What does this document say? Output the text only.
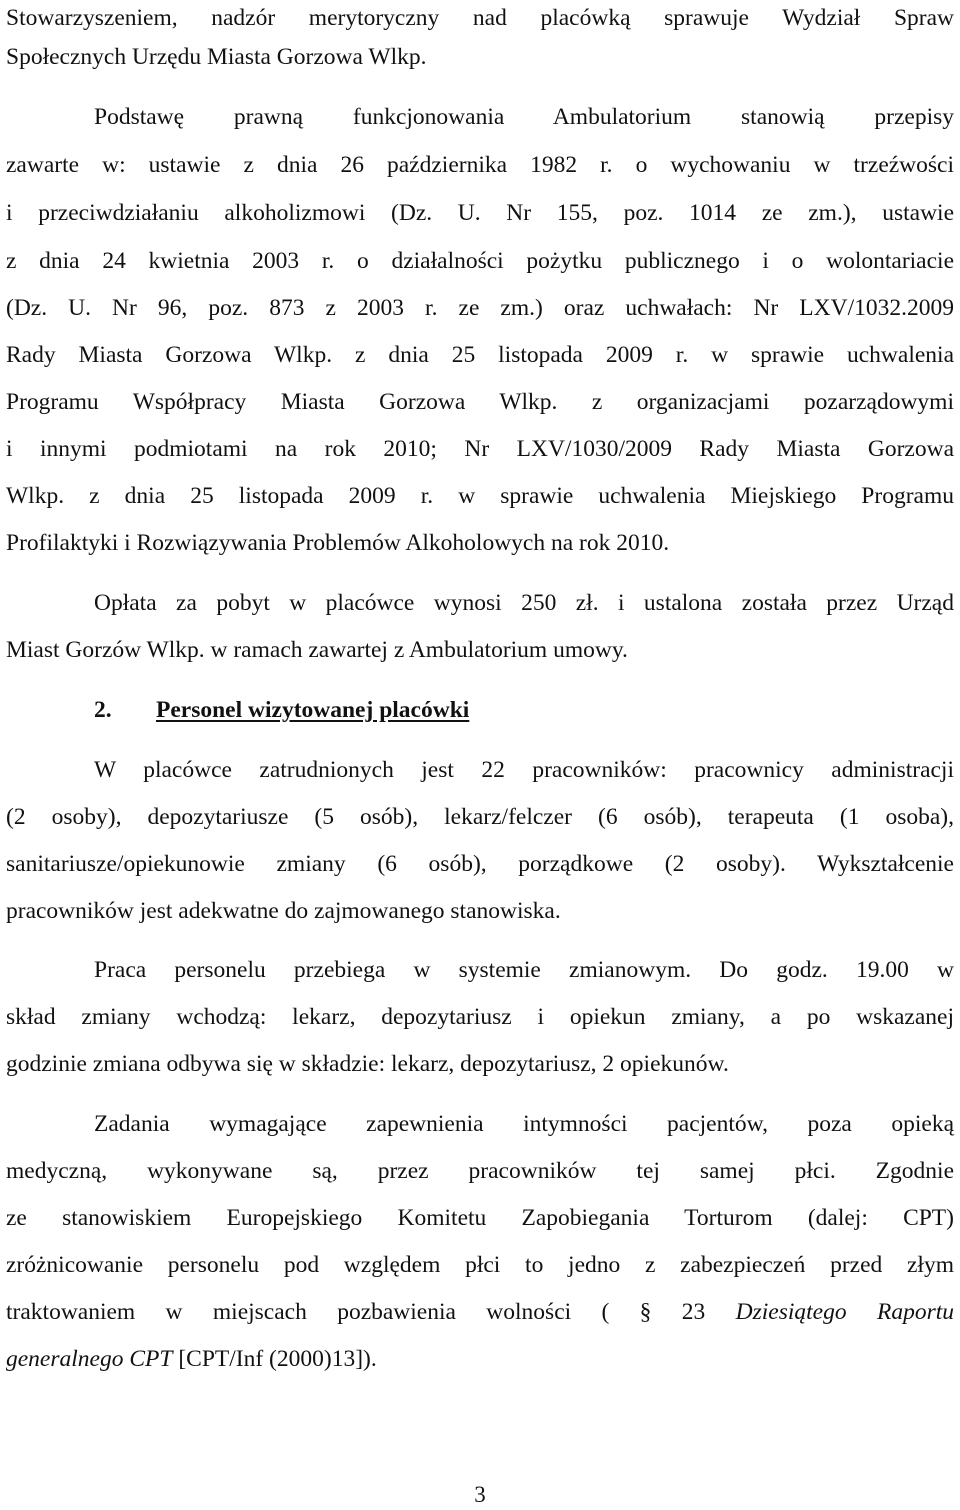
Stowarzyszeniem, nadzór merytoryczny nad placówką sprawuje Wydział Spraw
Społecznych Urzędu Miasta Gorzowa Wlkp.
Podstawę prawną funkcjonowania Ambulatorium stanowią przepisy
zawarte w: ustawie z dnia 26 października 1982 r. o wychowaniu w trzeźwości
i przeciwdziałaniu alkoholizmowi (Dz. U. Nr 155, poz. 1014 ze zm.), ustawie
z dnia 24 kwietnia 2003 r. o działalności pożytku publicznego i o wolontariacie
(Dz. U. Nr 96, poz. 873 z 2003 r. ze zm.) oraz uchwałach: Nr LXV/1032.2009
Rady Miasta Gorzowa Wlkp. z dnia 25 listopada 2009 r. w sprawie uchwalenia
Programu Współpracy Miasta Gorzowa Wlkp. z organizacjami pozarządowymi
i innymi podmiotami na rok 2010; Nr LXV/1030/2009 Rady Miasta Gorzowa
Wlkp. z dnia 25 listopada 2009 r. w sprawie uchwalenia Miejskiego Programu
Profilaktyki i Rozwiązywania Problemów Alkoholowych na rok 2010.
Opłata za pobyt w placówce wynosi 250 zł. i ustalona została przez Urząd
Miast Gorzów Wlkp. w ramach zawartej z Ambulatorium umowy.
2. Personel wizytowanej placówki
W placówce zatrudnionych jest 22 pracowników: pracownicy administracji
(2 osoby), depozytariusze (5 osób), lekarz/felczer (6 osób), terapeuta (1 osoba),
sanitariusze/opiekunowie zmiany (6 osób), porządkowe (2 osoby). Wykształcenie
pracowników jest adekwatne do zajmowanego stanowiska.
Praca personelu przebiega w systemie zmianowym. Do godz. 19.00 w
skład zmiany wchodzą: lekarz, depozytariusz i opiekun zmiany, a po wskazanej
godzinie zmiana odbywa się w składzie: lekarz, depozytariusz, 2 opiekunów.
Zadania wymagające zapewnienia intymności pacjentów, poza opieką
medyczną, wykonywane są, przez pracowników tej samej płci. Zgodnie
ze stanowiskiem Europejskiego Komitetu Zapobiegania Torturom (dalej: CPT)
zróżnicowanie personelu pod względem płci to jedno z zabezpieczeń przed złym
traktowaniem w miejscach pozbawienia wolności ( § 23 Dziesiątego Raportu
generalnego CPT [CPT/Inf (2000)13]).
3
